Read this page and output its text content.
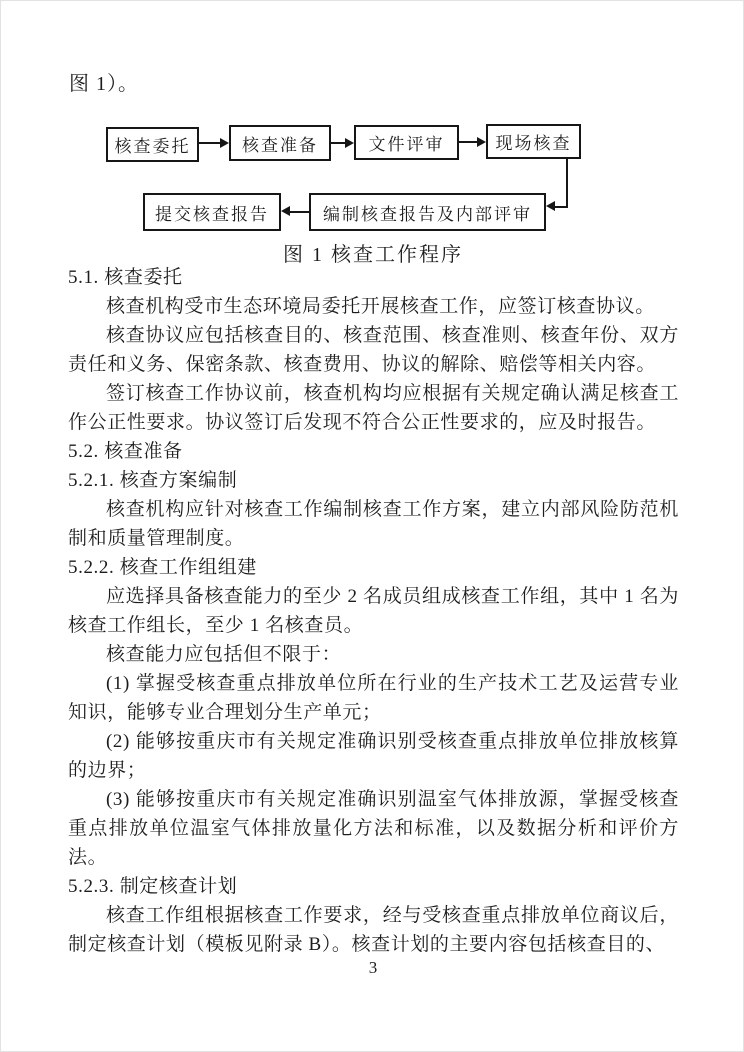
图 1）。
核查委托	核查准备	文件评审	现场核查
提交核查报告	编制核查报告及内部评审
图 1 核查工作程序
5.1. 核查委托
核查机构受市生态环境局委托开展核查工作，应签订核查协议。
核查协议应包括核查目的、核查范围、核查准则、核查年份、双方责任和义务、保密条款、核查费用、协议的解除、赔偿等相关内容。
签订核查工作协议前，核查机构均应根据有关规定确认满足核查工作公正性要求。协议签订后发现不符合公正性要求的，应及时报告。
5.2. 核查准备
5.2.1. 核查方案编制
核查机构应针对核查工作编制核查工作方案，建立内部风险防范机制和质量管理制度。
5.2.2. 核查工作组组建
应选择具备核查能力的至少 2 名成员组成核查工作组，其中 1 名为核查工作组长，至少 1 名核查员。
核查能力应包括但不限于：
(1) 掌握受核查重点排放单位所在行业的生产技术工艺及运营专业知识，能够专业合理划分生产单元；
(2) 能够按重庆市有关规定准确识别受核查重点排放单位排放核算的边界；
(3) 能够按重庆市有关规定准确识别温室气体排放源，掌握受核查重点排放单位温室气体排放量化方法和标准，以及数据分析和评价方法。
5.2.3. 制定核查计划
核查工作组根据核查工作要求，经与受核查重点排放单位商议后，制定核查计划（模板见附录 B）。核查计划的主要内容包括核查目的、
3
